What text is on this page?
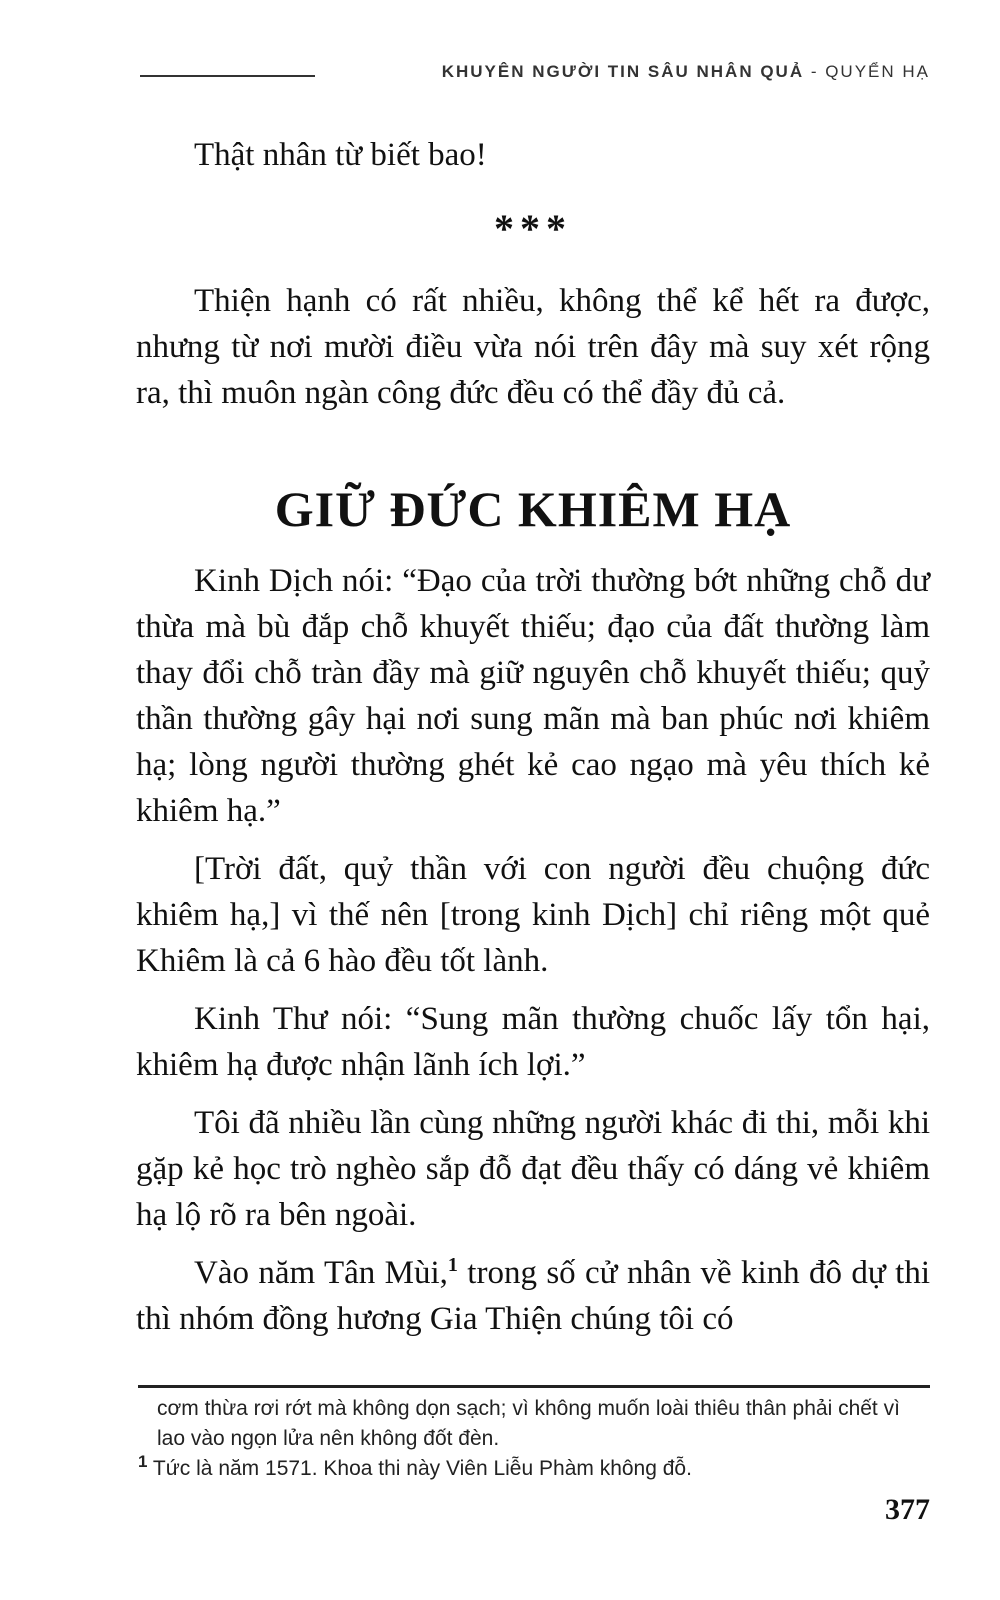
KHUYÊN NGƯỜI TIN SÂU NHÂN QUẢ - QUYỂN HẠ

Thật nhân từ biết bao!

***

Thiện hạnh có rất nhiều, không thể kể hết ra được, nhưng từ nơi mười điều vừa nói trên đây mà suy xét rộng ra, thì muôn ngàn công đức đều có thể đầy đủ cả.

GIỮ ĐỨC KHIÊM HẠ

Kinh Dịch nói: “Đạo của trời thường bớt những chỗ dư thừa mà bù đắp chỗ khuyết thiếu; đạo của đất thường làm thay đổi chỗ tràn đầy mà giữ nguyên chỗ khuyết thiếu; quỷ thần thường gây hại nơi sung mãn mà ban phúc nơi khiêm hạ; lòng người thường ghét kẻ cao ngạo mà yêu thích kẻ khiêm hạ.”

[Trời đất, quỷ thần với con người đều chuộng đức khiêm hạ,] vì thế nên [trong kinh Dịch] chỉ riêng một quẻ Khiêm là cả 6 hào đều tốt lành.

Kinh Thư nói: “Sung mãn thường chuốc lấy tổn hại, khiêm hạ được nhận lãnh ích lợi.”

Tôi đã nhiều lần cùng những người khác đi thi, mỗi khi gặp kẻ học trò nghèo sắp đỗ đạt đều thấy có dáng vẻ khiêm hạ lộ rõ ra bên ngoài.

Vào năm Tân Mùi,$^1$ trong số cử nhân về kinh đô dự thi thì nhóm đồng hương Gia Thiện chúng tôi có

cơm thừa rơi rớt mà không dọn sạch; vì không muốn loài thiêu thân phải chết vì lao vào ngọn lửa nên không đốt đèn.

$^1$ Tức là năm 1571. Khoa thi này Viên Liễu Phàm không đỗ.

377
